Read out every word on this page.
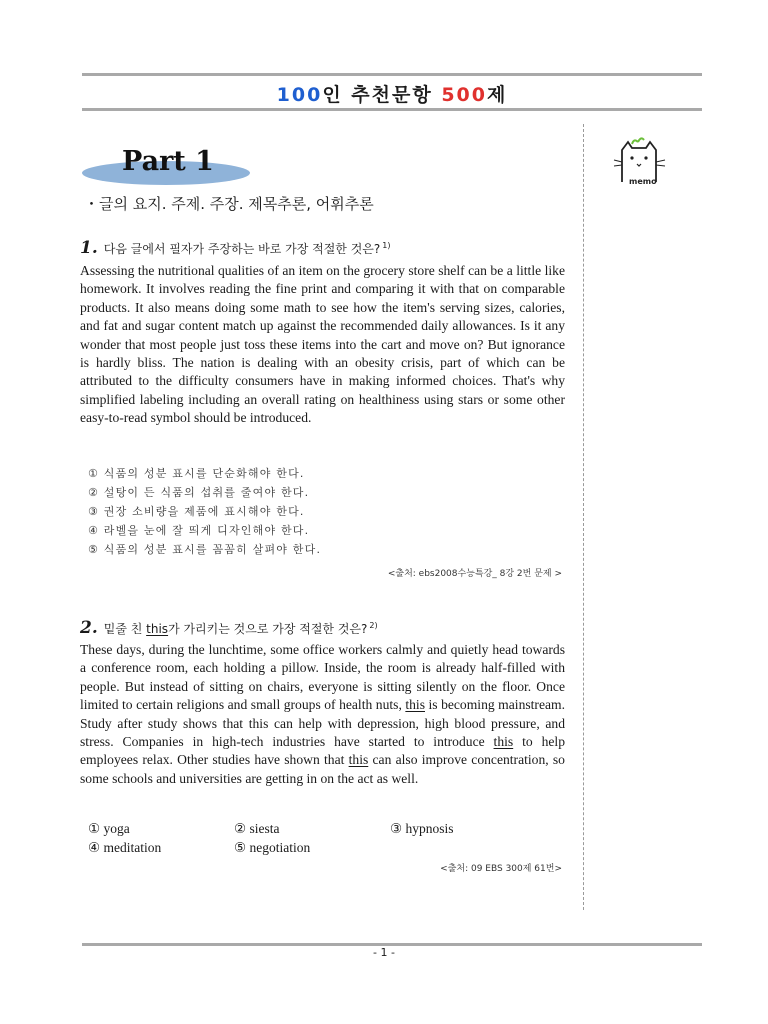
100인 추천문항 500제
memo
Part 1
・글의 요지. 주제. 주장. 제목추론, 어휘추론
1. 다음 글에서 필자가 주장하는 바로 가장 적절한 것은? $^{1)}$
Assessing the nutritional qualities of an item on the grocery store shelf can be a little like homework. It involves reading the fine print and comparing it with that on comparable products. It also means doing some math to see how the item's serving sizes, calories, and fat and sugar content match up against the recommended daily allowances. Is it any wonder that most people just toss these items into the cart and move on? But ignorance is hardly bliss. The nation is dealing with an obesity crisis, part of which can be attributed to the difficulty consumers have in making informed choices. That's why simplified labeling including an overall rating on healthiness using stars or some other easy-to-read symbol should be introduced.
① 식품의 성분 표시를 단순화해야 한다.
② 설탕이 든 식품의 섭취를 줄여야 한다.
③ 권장 소비량을 제품에 표시해야 한다.
④ 라벨을 눈에 잘 띄게 디자인해야 한다.
⑤ 식품의 성분 표시를 꼼꼼히 살펴야 한다.
<출처: ebs2008수능특강_ 8강 2번 문제 >
2. 밑줄 친 this가 가리키는 것으로 가장 적절한 것은? $^{2)}$
These days, during the lunchtime, some office workers calmly and quietly head towards a conference room, each holding a pillow. Inside, the room is already half-filled with people. But instead of sitting on chairs, everyone is sitting silently on the floor. Once limited to certain religions and small groups of health nuts, this is becoming mainstream. Study after study shows that this can help with depression, high blood pressure, and stress. Companies in high-tech industries have started to introduce this to help employees relax. Other studies have shown that this can also improve concentration, so some schools and universities are getting in on the act as well.
① yoga	② siesta	③ hypnosis
④ meditation	⑤ negotiation
<출처: 09 EBS 300제 61번>
- 1 -
